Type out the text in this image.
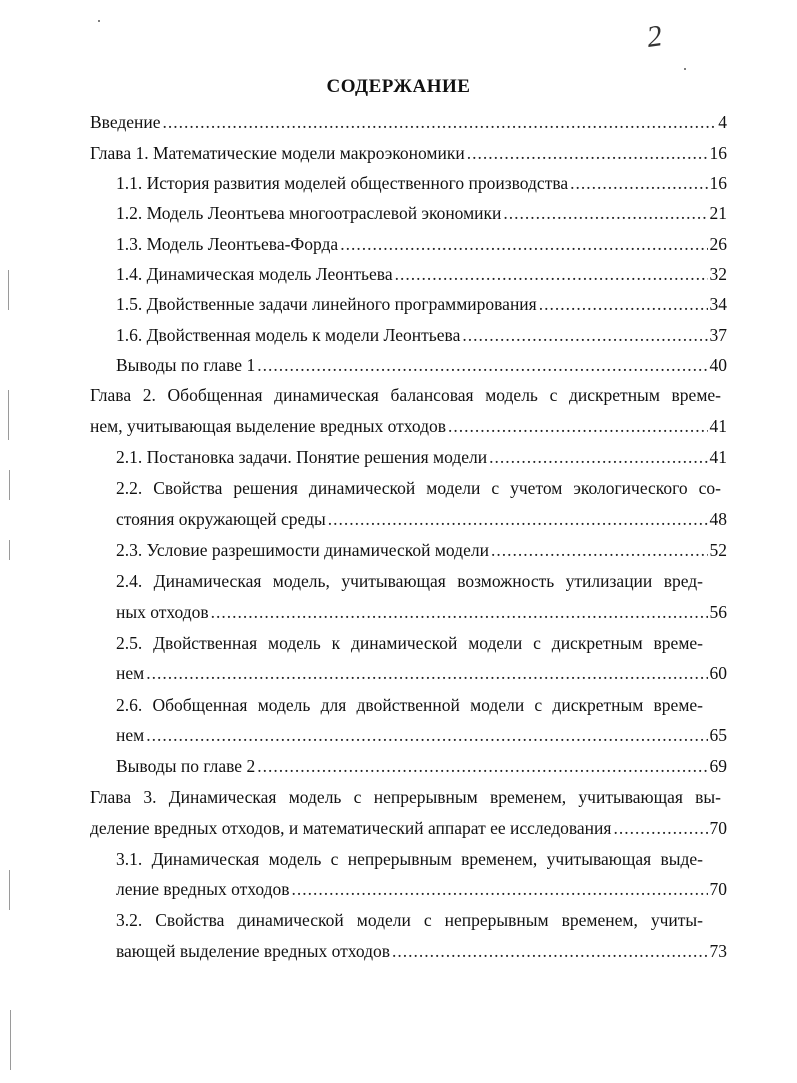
2
СОДЕРЖАНИЕ
Введение .....	4
Глава 1. Математические модели макроэкономики .....	16
1.1. История развития моделей общественного производства .....	16
1.2. Модель Леонтьева многоотраслевой экономики .....	21
1.3. Модель Леонтьева-Форда .....	26
1.4. Динамическая модель Леонтьева .....	32
1.5. Двойственные задачи линейного программирования .....	34
1.6. Двойственная модель к модели Леонтьева .....	37
Выводы по главе 1 .....	40
Глава 2. Обобщенная динамическая балансовая модель с дискретным време-
нем, учитывающая выделение вредных отходов .....	41
2.1. Постановка задачи. Понятие решения модели .....	41
2.2. Свойства решения динамической модели с учетом экологического со-
стояния окружающей среды .....	48
2.3. Условие разрешимости динамической модели .....	52
2.4. Динамическая модель, учитывающая возможность утилизации вред-
ных отходов .....	56
2.5. Двойственная модель к динамической модели с дискретным време-
нем .....	60
2.6. Обобщенная модель для двойственной модели с дискретным време-
нем .....	65
Выводы по главе 2 .....	69
Глава 3. Динамическая модель с непрерывным временем, учитывающая вы-
деление вредных отходов, и математический аппарат ее исследования .....	70
3.1. Динамическая модель с непрерывным временем, учитывающая выде-
ление вредных отходов .....	70
3.2. Свойства динамической модели с непрерывным временем, учиты-
вающей выделение вредных отходов .....	73
